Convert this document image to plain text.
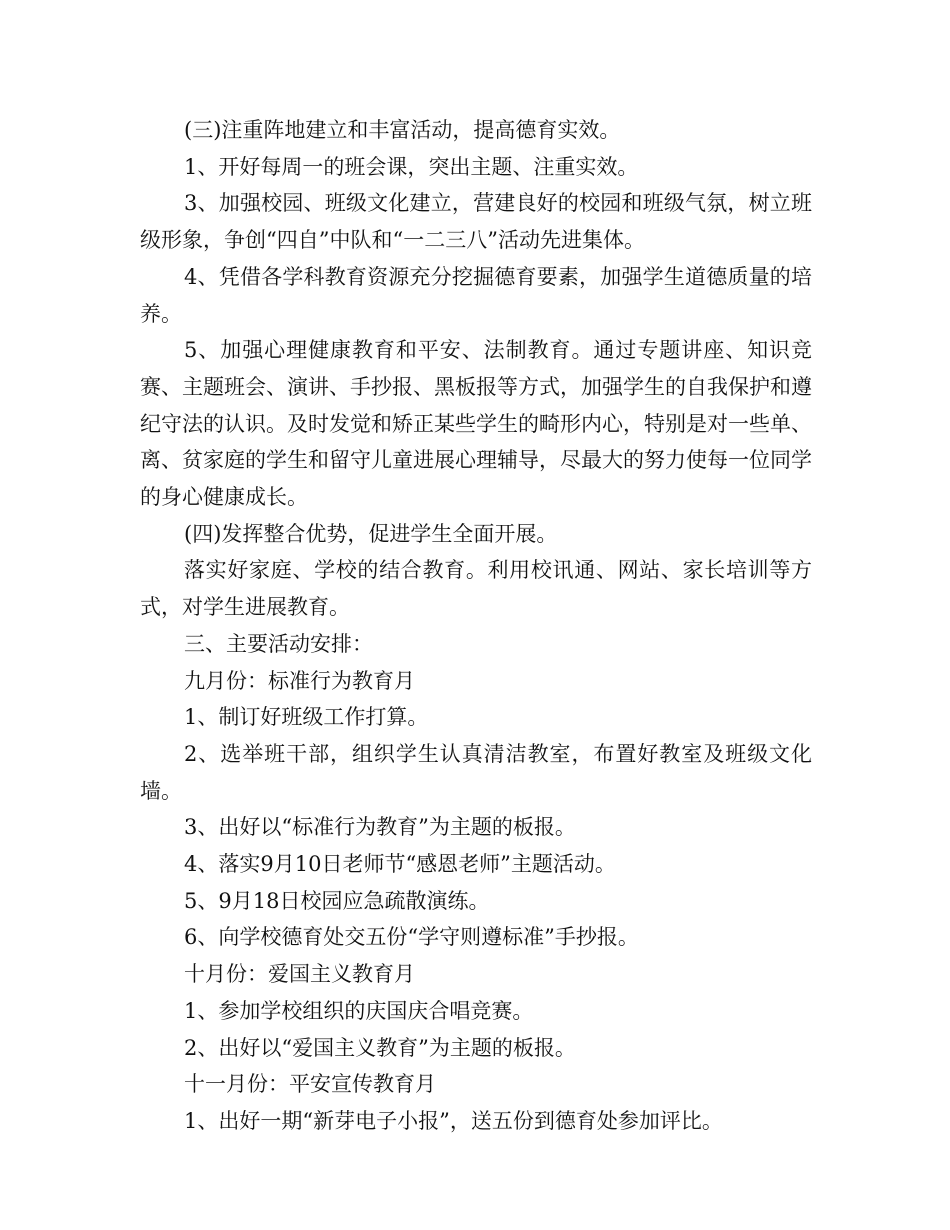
(三)注重阵地建立和丰富活动，提高德育实效。

1、开好每周一的班会课，突出主题、注重实效。

3、加强校园、班级文化建立，营建良好的校园和班级气氛，树立班级形象，争创“四自”中队和“一二三八”活动先进集体。

4、凭借各学科教育资源充分挖掘德育要素，加强学生道德质量的培养。

5、加强心理健康教育和平安、法制教育。通过专题讲座、知识竞赛、主题班会、演讲、手抄报、黑板报等方式，加强学生的自我保护和遵纪守法的认识。及时发觉和矫正某些学生的畸形内心，特别是对一些单、离、贫家庭的学生和留守儿童进展心理辅导，尽最大的努力使每一位同学的身心健康成长。

(四)发挥整合优势，促进学生全面开展。

落实好家庭、学校的结合教育。利用校讯通、网站、家长培训等方式，对学生进展教育。

三、主要活动安排：

九月份：标准行为教育月

1、制订好班级工作打算。

2、选举班干部，组织学生认真清洁教室，布置好教室及班级文化墙。

3、出好以“标准行为教育”为主题的板报。

4、落实9月10日老师节“感恩老师”主题活动。

5、9月18日校园应急疏散演练。

6、向学校德育处交五份“学守则遵标准”手抄报。

十月份：爱国主义教育月

1、参加学校组织的庆国庆合唱竞赛。

2、出好以“爱国主义教育”为主题的板报。

十一月份：平安宣传教育月

1、出好一期“新芽电子小报”，送五份到德育处参加评比。
